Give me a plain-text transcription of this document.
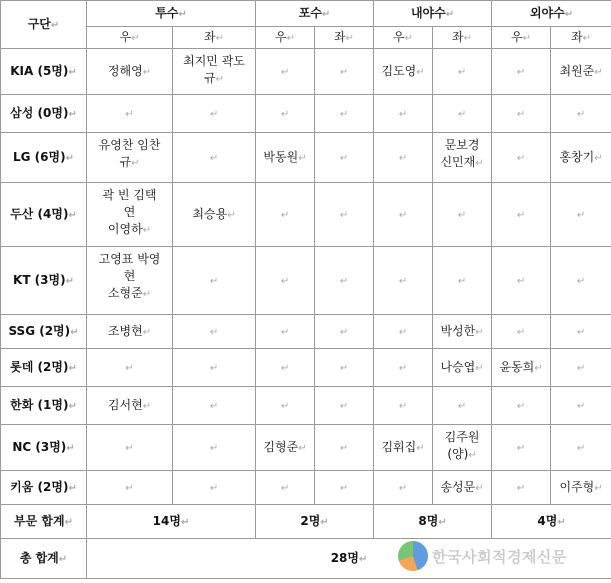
구단↵	투수↵		포수↵		내야수↵		외야수↵	
	우↵	좌↵	우↵	좌↵	우↵	좌↵	우↵	좌↵
KIA (5명)↵	정해영↵	최지민 곽도
규↵	↵	↵	김도영↵	↵	↵	최원준↵

삼성 (0명)↵	↵	↵	↵	↵	↵	↵	↵	↵
LG (6명)↵	유영찬 임찬
규↵	↵	박동원↵	↵	↵	문보경
신민재↵	↵	홍창기↵

두산 (4명)↵	곽 빈 김택
연
이영하↵	최승용↵	↵	↵	↵	↵	↵	↵
KT (3명)↵	고영표 박영
현
소형준↵	↵	↵	↵	↵	↵	↵	↵
SSG (2명)↵	조병현↵	↵	↵	↵	↵	박성한↵	↵	↵
롯데 (2명)↵	↵	↵	↵	↵	↵	나승엽↵	윤동희↵	↵
한화 (1명)↵	김서현↵	↵	↵	↵	↵	↵	↵	↵
NC (3명)↵	↵	↵	김형준↵	↵	김휘집↵	김주원
(양)↵	↵	↵
키움 (2명)↵	↵	↵	↵	↵	↵	송성문↵	↵	이주형↵

부문 합계↵	14명↵		2명↵		8명↵		4명↵	
총 합계↵	28명↵								한국사회적경제신문
